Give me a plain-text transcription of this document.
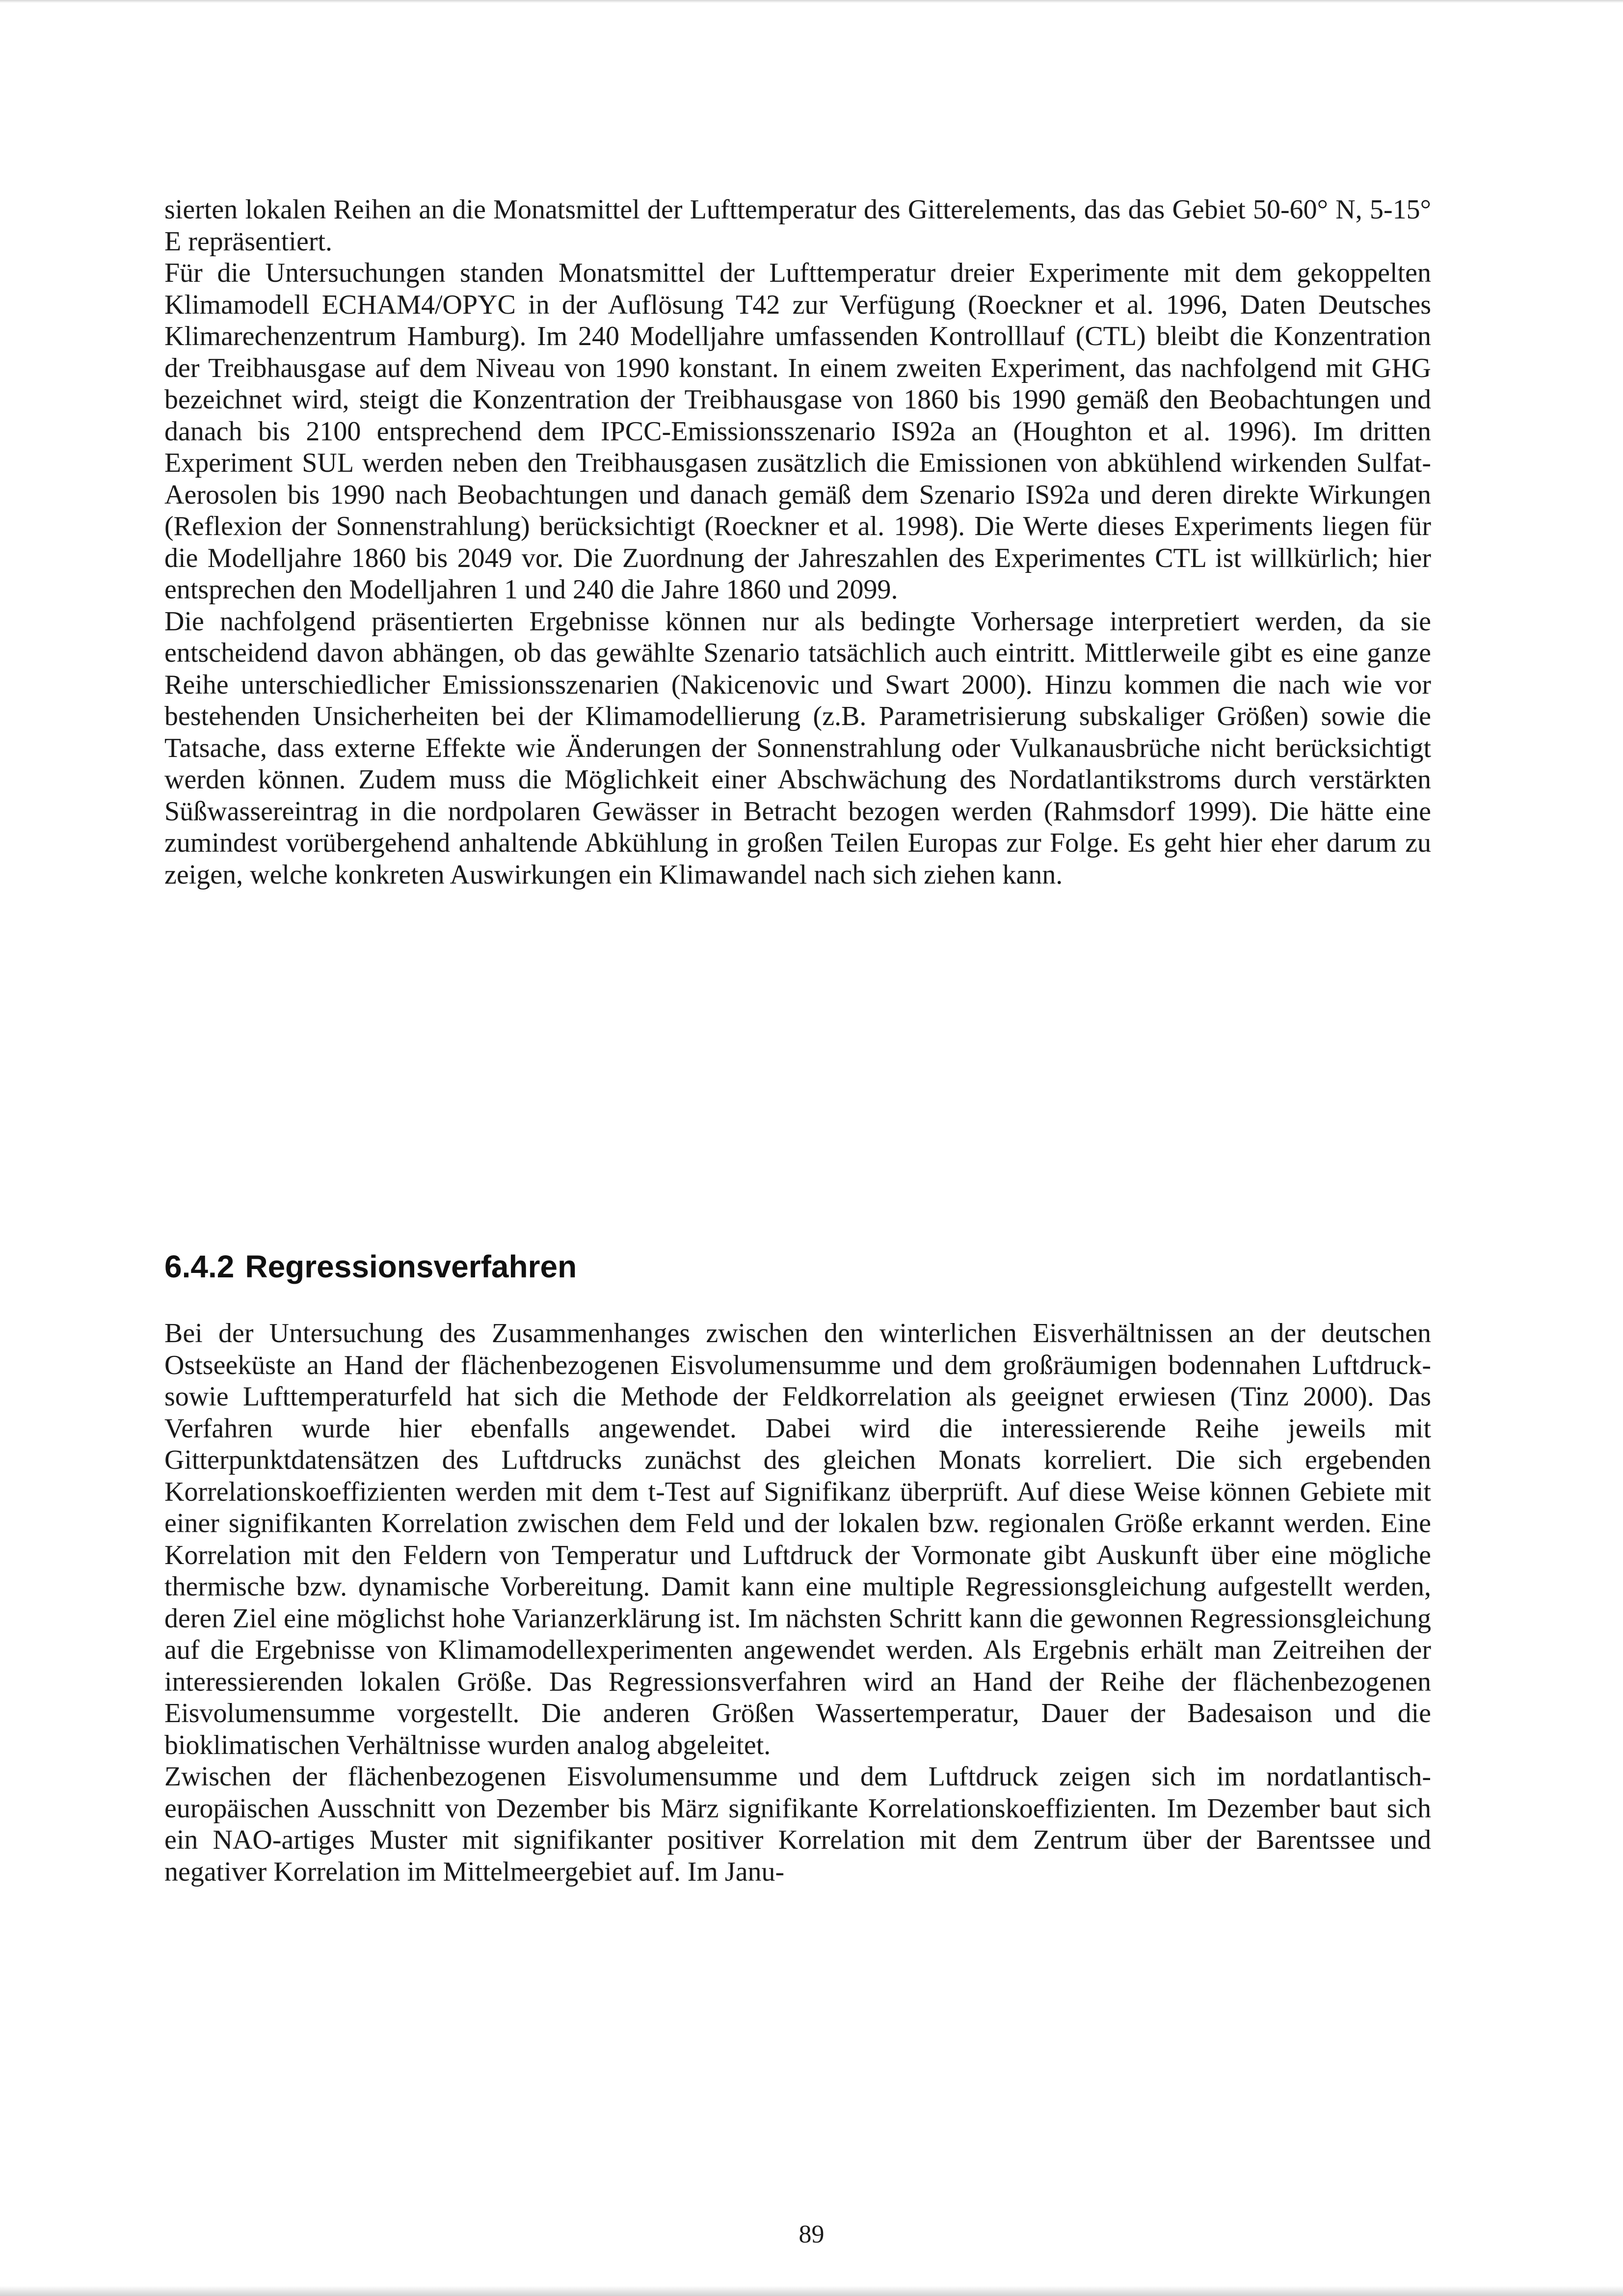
sierten lokalen Reihen an die Monatsmittel der Lufttemperatur des Gitterelements, das das Gebiet 50-60° N, 5-15° E repräsentiert.

Für die Untersuchungen standen Monatsmittel der Lufttemperatur dreier Experimente mit dem gekoppelten Klimamodell ECHAM4/OPYC in der Auflösung T42 zur Verfügung (Roeckner et al. 1996, Daten Deutsches Klimarechenzentrum Hamburg). Im 240 Modelljahre umfassenden Kontrolllauf (CTL) bleibt die Konzentration der Treibhausgase auf dem Niveau von 1990 konstant. In einem zweiten Experiment, das nachfolgend mit GHG bezeichnet wird, steigt die Konzentration der Treibhausgase von 1860 bis 1990 gemäß den Beobachtungen und danach bis 2100 entsprechend dem IPCC-Emissionsszenario IS92a an (Houghton et al. 1996). Im dritten Experiment SUL werden neben den Treibhausgasen zusätzlich die Emissionen von abkühlend wirkenden Sulfat-Aerosolen bis 1990 nach Beobachtungen und danach gemäß dem Szenario IS92a und deren direkte Wirkungen (Reflexion der Sonnenstrahlung) berücksichtigt (Roeckner et al. 1998). Die Werte dieses Experiments liegen für die Modelljahre 1860 bis 2049 vor. Die Zuordnung der Jahreszahlen des Experimentes CTL ist willkürlich; hier entsprechen den Modelljahren 1 und 240 die Jahre 1860 und 2099.

Die nachfolgend präsentierten Ergebnisse können nur als bedingte Vorhersage interpretiert werden, da sie entscheidend davon abhängen, ob das gewählte Szenario tatsächlich auch eintritt. Mittlerweile gibt es eine ganze Reihe unterschiedlicher Emissionsszenarien (Nakicenovic und Swart 2000). Hinzu kommen die nach wie vor bestehenden Unsicherheiten bei der Klimamodellierung (z.B. Parametrisierung subskaliger Größen) sowie die Tatsache, dass externe Effekte wie Änderungen der Sonnenstrahlung oder Vulkanausbrüche nicht berücksichtigt werden können. Zudem muss die Möglichkeit einer Abschwächung des Nordatlantikstroms durch verstärkten Süßwassereintrag in die nordpolaren Gewässer in Betracht bezogen werden (Rahmsdorf 1999). Die hätte eine zumindest vorübergehend anhaltende Abkühlung in großen Teilen Europas zur Folge. Es geht hier eher darum zu zeigen, welche konkreten Auswirkungen ein Klimawandel nach sich ziehen kann.

6.4.2 Regressionsverfahren

Bei der Untersuchung des Zusammenhanges zwischen den winterlichen Eisverhältnissen an der deutschen Ostseeküste an Hand der flächenbezogenen Eisvolumensumme und dem großräumigen bodennahen Luftdruck- sowie Lufttemperaturfeld hat sich die Methode der Feldkorrelation als geeignet erwiesen (Tinz 2000). Das Verfahren wurde hier ebenfalls angewendet. Dabei wird die interessierende Reihe jeweils mit Gitterpunktdatensätzen des Luftdrucks zunächst des gleichen Monats korreliert. Die sich ergebenden Korrelationskoeffizienten werden mit dem t-Test auf Signifikanz überprüft. Auf diese Weise können Gebiete mit einer signifikanten Korrelation zwischen dem Feld und der lokalen bzw. regionalen Größe erkannt werden. Eine Korrelation mit den Feldern von Temperatur und Luftdruck der Vormonate gibt Auskunft über eine mögliche thermische bzw. dynamische Vorbereitung. Damit kann eine multiple Regressionsgleichung aufgestellt werden, deren Ziel eine möglichst hohe Varianzerklärung ist. Im nächsten Schritt kann die gewonnen Regressionsgleichung auf die Ergebnisse von Klimamodellexperimenten angewendet werden. Als Ergebnis erhält man Zeitreihen der interessierenden lokalen Größe. Das Regressionsverfahren wird an Hand der Reihe der flächenbezogenen Eisvolumensumme vorgestellt. Die anderen Größen Wassertemperatur, Dauer der Badesaison und die bioklimatischen Verhältnisse wurden analog abgeleitet.

Zwischen der flächenbezogenen Eisvolumensumme und dem Luftdruck zeigen sich im nordatlantisch-europäischen Ausschnitt von Dezember bis März signifikante Korrelationskoeffizienten. Im Dezember baut sich ein NAO-artiges Muster mit signifikanter positiver Korrelation mit dem Zentrum über der Barentssee und negativer Korrelation im Mittelmeergebiet auf. Im Janu-

89
